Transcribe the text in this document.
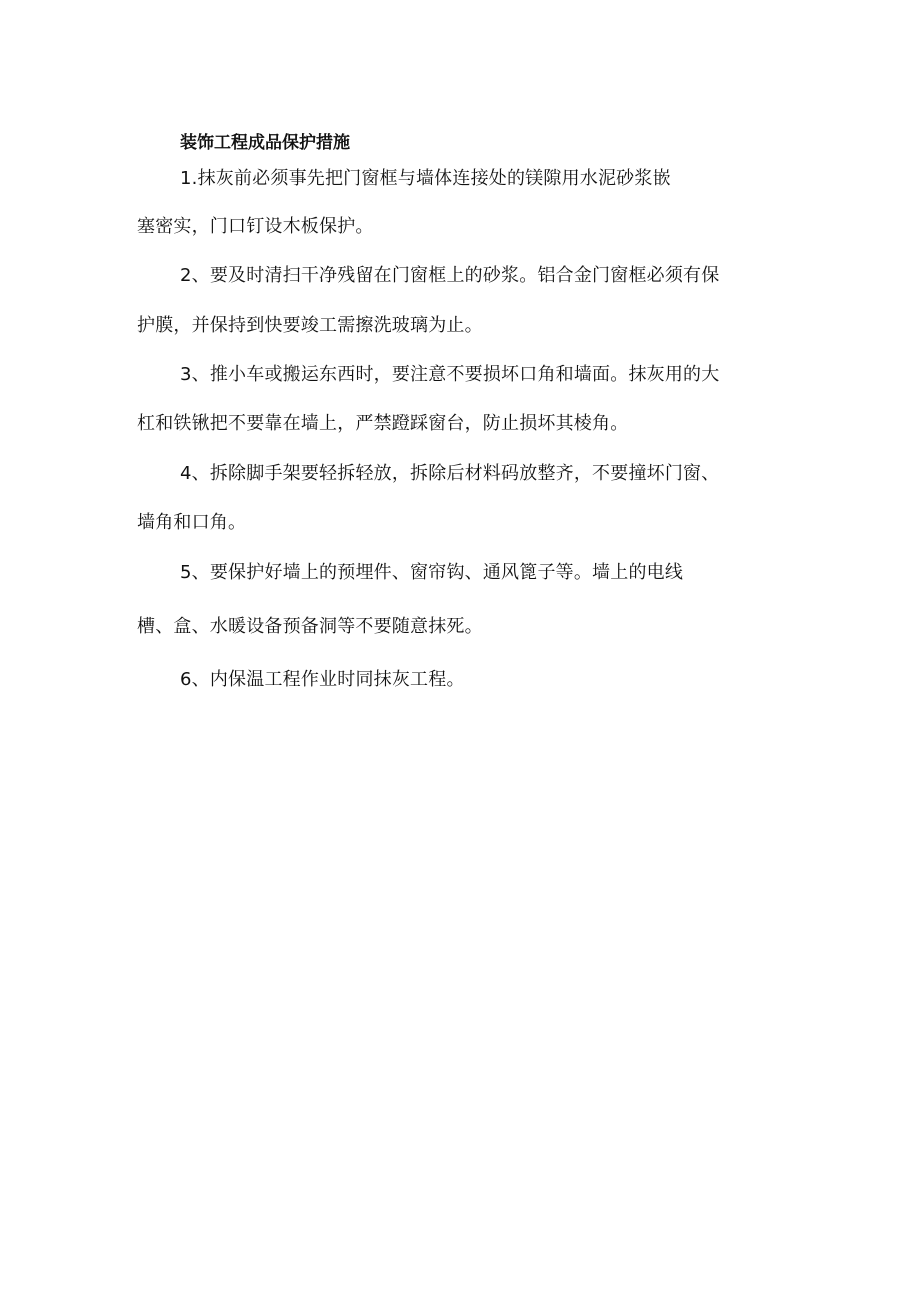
装饰工程成品保护措施
1.抹灰前必须事先把门窗框与墙体连接处的镁隙用水泥砂浆嵌
塞密实，门口钉设木板保护。
2、要及时清扫干净残留在门窗框上的砂浆。铝合金门窗框必须有保
护膜，并保持到快要竣工需擦洗玻璃为止。
3、推小车或搬运东西时，要注意不要损坏口角和墙面。抹灰用的大
杠和铁锹把不要靠在墙上，严禁蹬踩窗台，防止损坏其棱角。
4、拆除脚手架要轻拆轻放，拆除后材料码放整齐，不要撞坏门窗、
墙角和口角。
5、要保护好墙上的预埋件、窗帘钩、通风篦子等。墙上的电线
槽、盒、水暖设备预备洞等不要随意抹死。
6、内保温工程作业时同抹灰工程。
